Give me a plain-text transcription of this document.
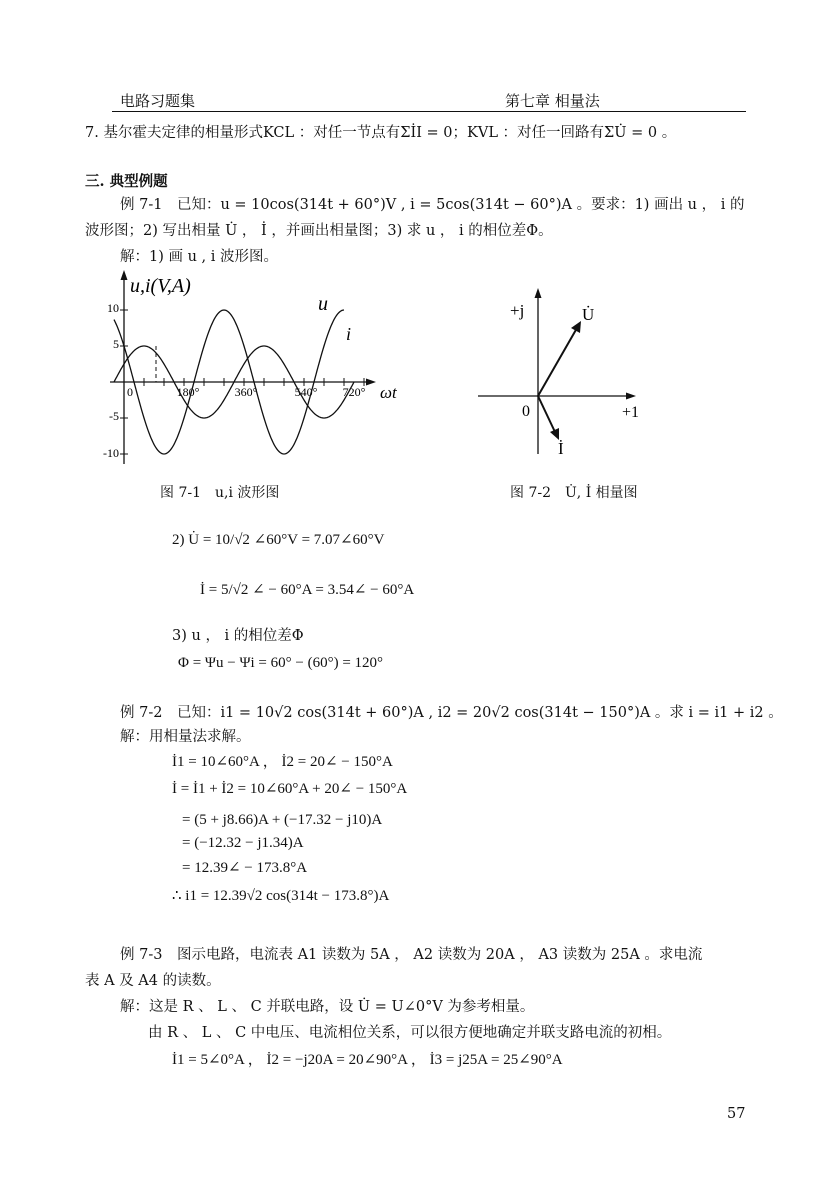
电路习题集	第七章 相量法
7. 基尔霍夫定律的相量形式KCL ：对任一节点有ΣİI = 0；KVL ：对任一回路有ΣU̇ = 0 。
三. 典型例题
例 7-1　已知：u = 10cos(314t + 60°)V , i = 5cos(314t − 60°)A 。要求：1) 画出 u ， i 的
波形图；2) 写出相量 U̇ ， İ ，并画出相量图；3) 求 u ， i 的相位差Φ。
解：1) 画 u , i 波形图。
u,i(V,A)
ωt
10
5
-5
-10
0	180°	360°	540° 720°
u
i
+j
0	+1
U̇
İ
图 7-1　u,i 波形图	图 7-2　U̇, İ 相量图
2) U̇ = 10/√2 ∠60°V = 7.07∠60°V
İ = 5/√2 ∠ − 60°A = 3.54∠ − 60°A
3) u ， i 的相位差Φ
Φ = Ψu − Ψi = 60° − (60°) = 120°
例 7-2　已知：i1 = 10√2 cos(314t + 60°)A , i2 = 20√2 cos(314t − 150°)A 。求 i = i1 + i2 。
解：用相量法求解。
İ1 = 10∠60°A ， İ2 = 20∠ − 150°A
İ = İ1 + İ2 = 10∠60°A + 20∠ − 150°A
= (5 + j8.66)A + (−17.32 − j10)A
= (−12.32 − j1.34)A
= 12.39∠ − 173.8°A
∴ i1 = 12.39√2 cos(314t − 173.8°)A
例 7-3　图示电路，电流表 A1 读数为 5A ， A2 读数为 20A ， A3 读数为 25A 。求电流
表 A 及 A4 的读数。
解：这是 R 、 L 、 C 并联电路，设 U̇ = U∠0°V 为参考相量。
由 R 、 L 、 C 中电压、电流相位关系，可以很方便地确定并联支路电流的初相。
İ1 = 5∠0°A ， İ2 = −j20A = 20∠90°A ， İ3 = j25A = 25∠90°A
57
